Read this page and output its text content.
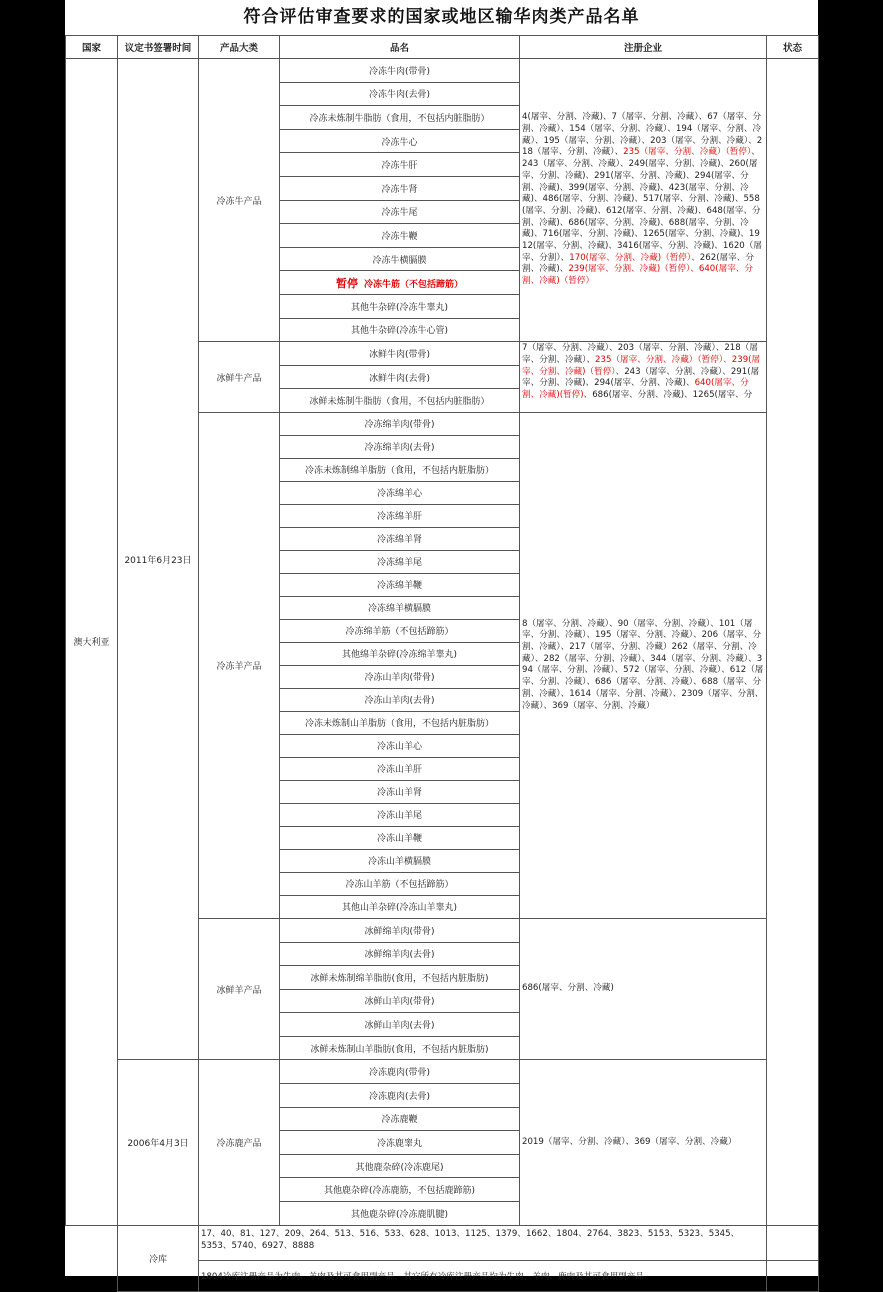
符合评估审查要求的国家或地区输华肉类产品名单
国家	议定书签署时间	产品大类	品名	注册企业	状态
澳大利亚	2011年6月23日	冷冻牛产品	冷冻牛肉(带骨)	4(屠宰、分割、冷藏)、7（屠宰、分割、冷藏）、67（屠宰、分割、冷藏）、154（屠宰、分割、冷藏）、194（屠宰、分割、冷藏）、195（屠宰、分割、冷藏）、203（屠宰、分割、冷藏）、218（屠宰、分割、冷藏）、235（屠宰、分割、冷藏）（暂停）、243（屠宰、分割、冷藏）、249(屠宰、分割、冷藏)、260(屠宰、分割、冷藏)、291(屠宰、分割、冷藏)、294(屠宰、分割、冷藏)、399(屠宰、分割、冷藏)、423(屠宰、分割、冷藏)、486(屠宰、分割、冷藏)、517(屠宰、分割、冷藏)、558(屠宰、分割、冷藏)、612(屠宰、分割、冷藏)、648(屠宰、分割、冷藏)、686(屠宰、分割、冷藏)、688(屠宰、分割、冷藏)、716(屠宰、分割、冷藏)、1265(屠宰、分割、冷藏)、1912(屠宰、分割、冷藏)、3416(屠宰、分割、冷藏)、1620（屠宰、分割）、170(屠宰、分割、冷藏)（暂停）、262(屠宰、分割、冷藏)、239(屠宰、分割、冷藏)（暂停）、640(屠宰、分割、冷藏)（暂停）	
			冷冻牛肉(去骨)		
			冷冻未炼制牛脂肪（食用，不包括内脏脂肪）		
			冷冻牛心		
			冷冻牛肝		
			冷冻牛肾		
			冷冻牛尾		
			冷冻牛鞭		
			冷冻牛横膈膜		
			暂停 冷冻牛筋（不包括蹄筋）		
			其他牛杂碎(冷冻牛睾丸)		
			其他牛杂碎(冷冻牛心管)		
		冰鲜牛产品	冰鲜牛肉(带骨)	7（屠宰、分割、冷藏）、203（屠宰、分割、冷藏）、218（屠宰、分割、冷藏）、235（屠宰、分割、冷藏）（暂停）、239(屠宰、分割、冷藏)（暂停）、243（屠宰、分割、冷藏）、291(屠宰、分割、冷藏)、294(屠宰、分割、冷藏)、640(屠宰、分割、冷藏)(暂停)、686(屠宰、分割、冷藏)、1265(屠宰、分	
			冰鲜牛肉(去骨)		
			冰鲜未炼制牛脂肪（食用，不包括内脏脂肪）		
		冷冻羊产品	冷冻绵羊肉(带骨)	8（屠宰、分割、冷藏）、90（屠宰、分割、冷藏）、101（屠宰、分割、冷藏）、195（屠宰、分割、冷藏）、206（屠宰、分割、冷藏）、217（屠宰、分割、冷藏）262（屠宰、分割、冷藏）、282（屠宰、分割、冷藏）、344（屠宰、分割、冷藏）、394（屠宰、分割、冷藏）、572（屠宰、分割、冷藏）、612（屠宰、分割、冷藏）、686（屠宰、分割、冷藏）、688（屠宰、分割、冷藏）、1614（屠宰、分割、冷藏）、2309（屠宰、分割、冷藏）、369（屠宰、分割、冷藏）	
			冷冻绵羊肉(去骨)		
			冷冻未炼制绵羊脂肪（食用，不包括内脏脂肪）		
			冷冻绵羊心		
			冷冻绵羊肝		
			冷冻绵羊肾		
			冷冻绵羊尾		
			冷冻绵羊鞭		
			冷冻绵羊横膈膜		
			冷冻绵羊筋（不包括蹄筋）		
			其他绵羊杂碎(冷冻绵羊睾丸)		
			冷冻山羊肉(带骨)		
			冷冻山羊肉(去骨)		
			冷冻未炼制山羊脂肪（食用，不包括内脏脂肪）		
			冷冻山羊心		
			冷冻山羊肝		
			冷冻山羊肾		
			冷冻山羊尾		
			冷冻山羊鞭		
			冷冻山羊横膈膜		
			冷冻山羊筋（不包括蹄筋）		
			其他山羊杂碎(冷冻山羊睾丸)		
		冰鲜羊产品	冰鲜绵羊肉(带骨)	686(屠宰、分割、冷藏)	
			冰鲜绵羊肉(去骨)		
			冰鲜未炼制绵羊脂肪(食用，不包括内脏脂肪)		
			冰鲜山羊肉(带骨)		
			冰鲜山羊肉(去骨)		
			冰鲜未炼制山羊脂肪(食用，不包括内脏脂肪)		
	2006年4月3日	冷冻鹿产品	冷冻鹿肉(带骨)	2019（屠宰、分割、冷藏）、369（屠宰、分割、冷藏）	
			冷冻鹿肉(去骨)		
			冷冻鹿鞭		
			冷冻鹿睾丸		
			其他鹿杂碎(冷冻鹿尾)		
			其他鹿杂碎(冷冻鹿筋，不包括鹿蹄筋)		
			其他鹿杂碎(冷冻鹿肌腱)		
	冷库	17、40、81、127、209、264、513、516、533、628、1013、1125、1379、1662、1804、2764、3823、5153、5323、5345、5353、5740、6927、8888			
		1804冷库注册产品为牛肉、羊肉及其可食用副产品，其它所有冷库注册产品均为牛肉、羊肉、鹿肉及其可食用副产品			
